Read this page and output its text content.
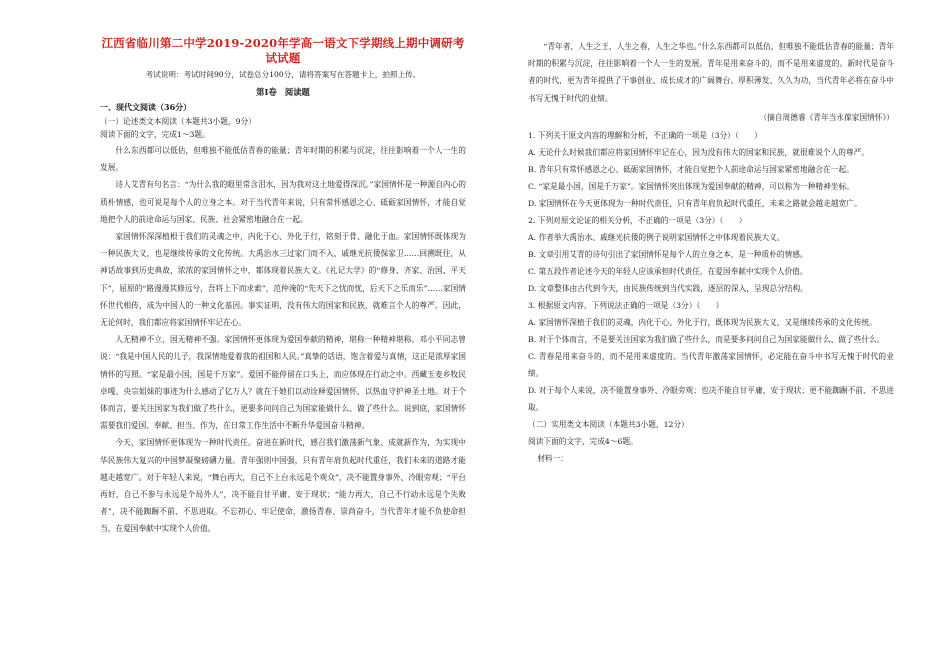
江西省临川第二中学2019-2020年学高一语文下学期线上期中调研考试试题
考试说明：考试时间90分，试卷总分100分，请将答案写在答题卡上，拍照上传。
第Ⅰ卷　阅读题
一、现代文阅读（36分）
（一）论述类文本阅读（本题共3小题，9分）
阅读下面的文字，完成1～3题。

什么东西都可以低估，但唯独不能低估青春的能量；青年时期的积累与沉淀，往往影响着一个人一生的发展。

诗人艾青有句名言：“为什么我的眼里常含泪水，因为我对这土地爱得深沉。”家国情怀是一种源自内心的质朴情感，也可说是每个人的立身之本。对于当代青年来说，只有常怀感恩之心、砥砺家国情怀，才能自觉地把个人的前途命运与国家、民族、社会紧密地融合在一起。

家国情怀深深植根于我们的灵魂之中，内化于心、外化于行，铭刻于骨、融化于血。家国情怀既体现为一种民族大义，也是继续传承的文化传统。大禹治水三过家门而不入，戚继光抗倭保家卫……回溯既往，从神话故事到历史典故，浓浓的家国情怀之中，都体现着民族大义。《礼记大学》的“修身、齐家、治国、平天下”，屈原的“路漫漫其修远兮，吾将上下而求索”，范仲淹的“先天下之忧而忧，后天下之乐而乐”……家国情怀世代相传，成为中国人的一种文化基因。事实证明，没有伟大的国家和民族，就难言个人的尊严。因此，无论何时，我们都应将家国情怀牢记在心。

人无精神不立，国无精神不强。家国情怀更体现为爱国奉献的精神，堪称一种精神堪称。邓小平同志曾说：“我是中国人民的儿子，我深情地爱着我的祖国和人民。”真挚的话语，饱含着爱与真情，这正是浓厚家国情怀的写照。“家是最小国，国是千万家”。爱国不能停留在口头上，而应体现在行动之中。西藏玉麦乡牧民卓嘎、央宗姐妹的事迹为什么感动了亿万人？就在于她们以动诠释爱国情怀，以热血守护神圣土地。对于个体而言，要关注国家为我们做了些什么，更要多问问自己为国家能做什么、做了些什么。说到底，家国情怀需要我们爱国、奉献、担当、作为，在日常工作生活中不断升华爱国奋斗精神。

今天，家国情怀更体现为一种时代责任。奋进在新时代，感召我们激荡新气象、成就新作为，为实现中华民族伟大复兴的中国梦凝聚磅礴力量。青年强则中国强，只有青年肩负起时代重任，我们未来的道路才能越走越宽广。对于年轻人来说，“舞台再大，自己不上台永远是个观众”，决不能置身事外、冷眼旁观；“平台再好，自己不参与永远是个局外人”，决不能自甘平庸、安于现状；“能力再大，自己不行动永远是个失败者”，决不能踟蹰不前、不思进取。不忘初心、牢记使命，激扬青春、崇尚奋斗，当代青年才能不负使命担当，在爱国奉献中实现个人价值。

“青年者，人生之王，人生之春，人生之华也。”什么东西都可以低估，但唯独不能低估青春的能量；青年时期的积累与沉淀，往往影响着一个人一生的发展。青年是用来奋斗的，而不是用来虚度的。新时代是奋斗者的时代，更为青年提供了干事创业、成长成才的广阔舞台。厚积薄发、久久为功，当代青年必将在奋斗中书写无愧于时代的业绩。

（摘自周德睿《青年当永葆家国情怀》）

1. 下列关于原文内容的理解和分析，不正确的一项是（3分）（　　）

A. 无论什么时候我们都应将家国情怀牢记在心，因为没有伟大的国家和民族，就很难说个人的尊严。

B. 青年只有常怀感恩之心、砥砺家国情怀，才能自觉把个人前途命运与国家紧密地融合在一起。

C. “家是最小国，国是千万家”。家国情怀突出体现为爱国奉献的精神，可以称为一种精神坐标。

D. 家国情怀在今天更体现为一种时代责任，只有青年肩负起时代重任，未来之路就会越走越宽广。

2. 下列对原文论证的相关分析，不正确的一项是（3分）（　　）

A. 作者举大禹治水、戚继光抗倭的例子说明家国情怀之中体现着民族大义。

B. 文章引用艾青的诗句引出了家国情怀是每个人的立身之本，是一种质朴的情感。

C. 第五段作者论述今天的年轻人应该承担时代责任，在爱国奉献中实现个人价值。

D. 文章整体由古代到今天，由民族传统到当代实践，逐层的深入，呈现总分结构。

3. 根据原文内容，下列说法正确的一项是（3分）（　　）

A. 家国情怀深植于我们的灵魂，内化于心、外化于行，既体现为民族大义，又是继续传承的文化传统。

B. 对于个体而言，不是要关注国家为我们做了些什么，而是要多问问自己为国家能做什么、做了些什么。

C. 青春是用来奋斗的，而不是用来虚度的。当代青年激荡家国情怀，必定能在奋斗中书写无愧于时代的业绩。

D. 对于每个人来说，决不能置身事外、冷眼旁观；也决不能自甘平庸、安于现状；更不能踟蹰不前、不思进取。

（二）实用类文本阅读（本题共3小题，12分）

阅读下面的文字，完成4～6题。

材料一：
